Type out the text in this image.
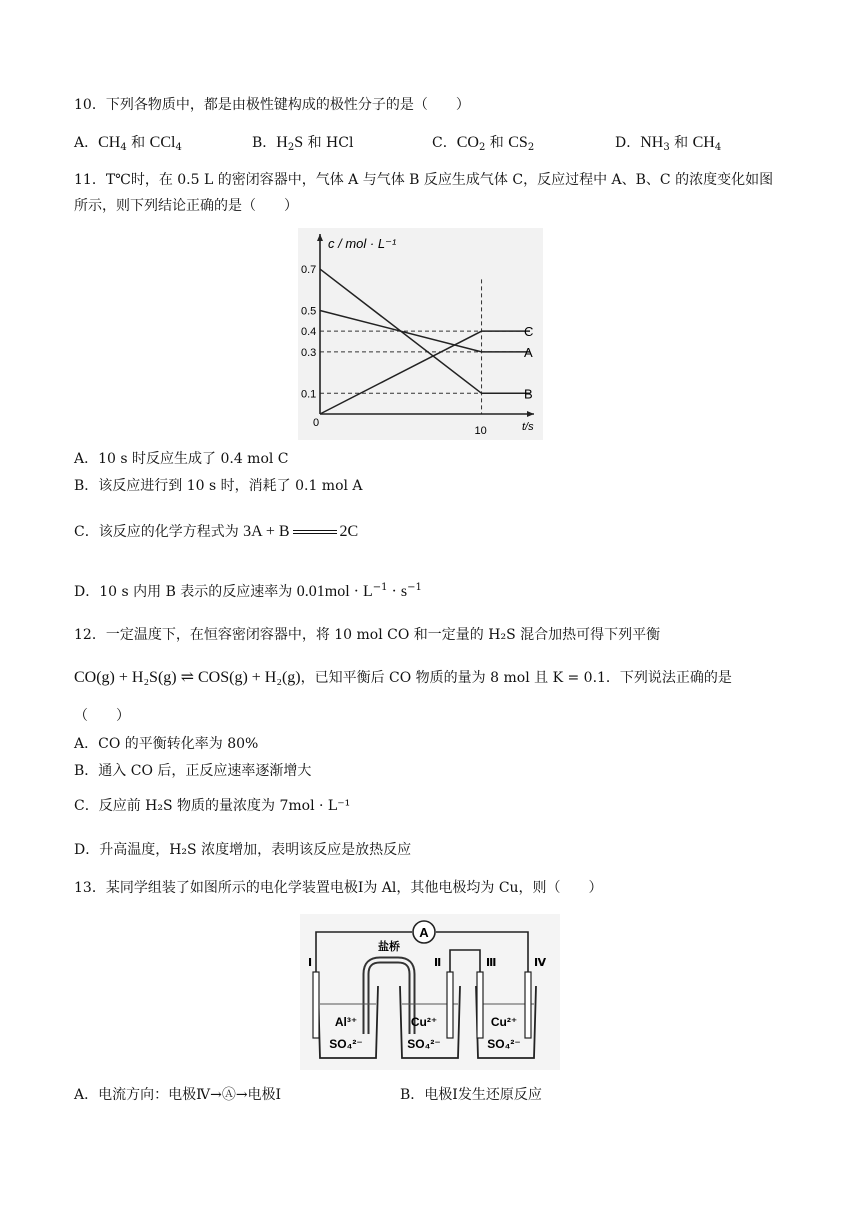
10．下列各物质中，都是由极性键构成的极性分子的是（　　）
A．$CH_4$ 和 CCl$_4$	B．$H_2S$ 和 HCl	C．$CO_2$ 和 $CS_2$	D．$NH_3$ 和 $CH_4$
11．T℃时，在 0.5 L 的密闭容器中，气体 A 与气体 B 反应生成气体 C，反应过程中 A、B、C 的浓度变化如图
所示，则下列结论正确的是（　　）
A
B
C
0.1
0.3
0.4
0.5
0.7
0
10
c / mol · L⁻¹
t/s
A．10 s 时反应生成了 0.4 mol C
B．该反应进行到 10 s 时，消耗了 0.1 mol A
C．该反应的化学方程式为 3A + B	2C
D．10 s 内用 B 表示的反应速率为 $0.01mol \cdot L^{-1} \cdot s^{-1}$
12．一定温度下，在恒容密闭容器中，将 10 mol CO 和一定量的 H₂S 混合加热可得下列平衡
CO(g) + H₂S(g) ⇌ COS(g) + H₂(g)，已知平衡后 CO 物质的量为 8 mol 且 K = 0.1．下列说法正确的是
（　　）
A．CO 的平衡转化率为 80%
B．通入 CO 后，正反应速率逐渐增大
C．反应前 H₂S 物质的量浓度为 7mol · L⁻¹
D．升高温度，H₂S 浓度增加，表明该反应是放热反应
13．某同学组装了如图所示的电化学装置电极Ⅰ为 Al，其他电极均为 Cu，则（　　）
A
盐桥
Ⅰ	Ⅱ	Ⅲ	Ⅳ
Al³⁺
SO₄²⁻
Cu²⁺
SO₄²⁻
Cu²⁺
SO₄²⁻
A．电流方向：电极Ⅳ→Ⓐ→电极Ⅰ	B．电极Ⅰ发生还原反应
